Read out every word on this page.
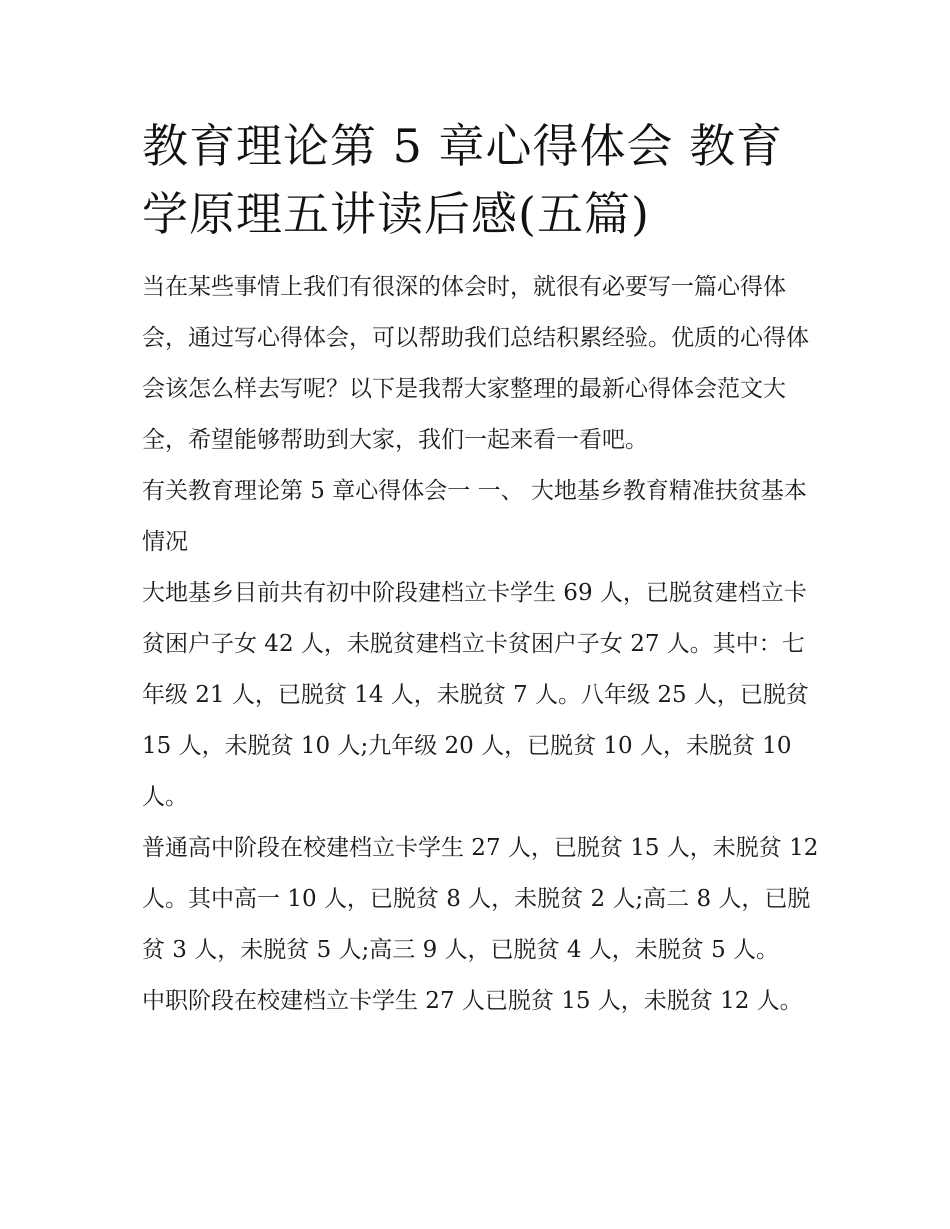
教育理论第 5 章心得体会 教育学原理五讲读后感(五篇)

当在某些事情上我们有很深的体会时，就很有必要写一篇心得体会，通过写心得体会，可以帮助我们总结积累经验。优质的心得体会该怎么样去写呢？以下是我帮大家整理的最新心得体会范文大全，希望能够帮助到大家，我们一起来看一看吧。

有关教育理论第 5 章心得体会一 一、 大地基乡教育精准扶贫基本情况

大地基乡目前共有初中阶段建档立卡学生 69 人，已脱贫建档立卡贫困户子女 42 人，未脱贫建档立卡贫困户子女 27 人。其中：七年级 21 人，已脱贫 14 人，未脱贫 7 人。八年级 25 人，已脱贫 15 人，未脱贫 10 人;九年级 20 人，已脱贫 10 人，未脱贫 10 人。

普通高中阶段在校建档立卡学生 27 人，已脱贫 15 人，未脱贫 12 人。其中高一 10 人，已脱贫 8 人，未脱贫 2 人;高二 8 人，已脱贫 3 人，未脱贫 5 人;高三 9 人，已脱贫 4 人，未脱贫 5 人。

中职阶段在校建档立卡学生 27 人已脱贫 15 人，未脱贫 12 人。
